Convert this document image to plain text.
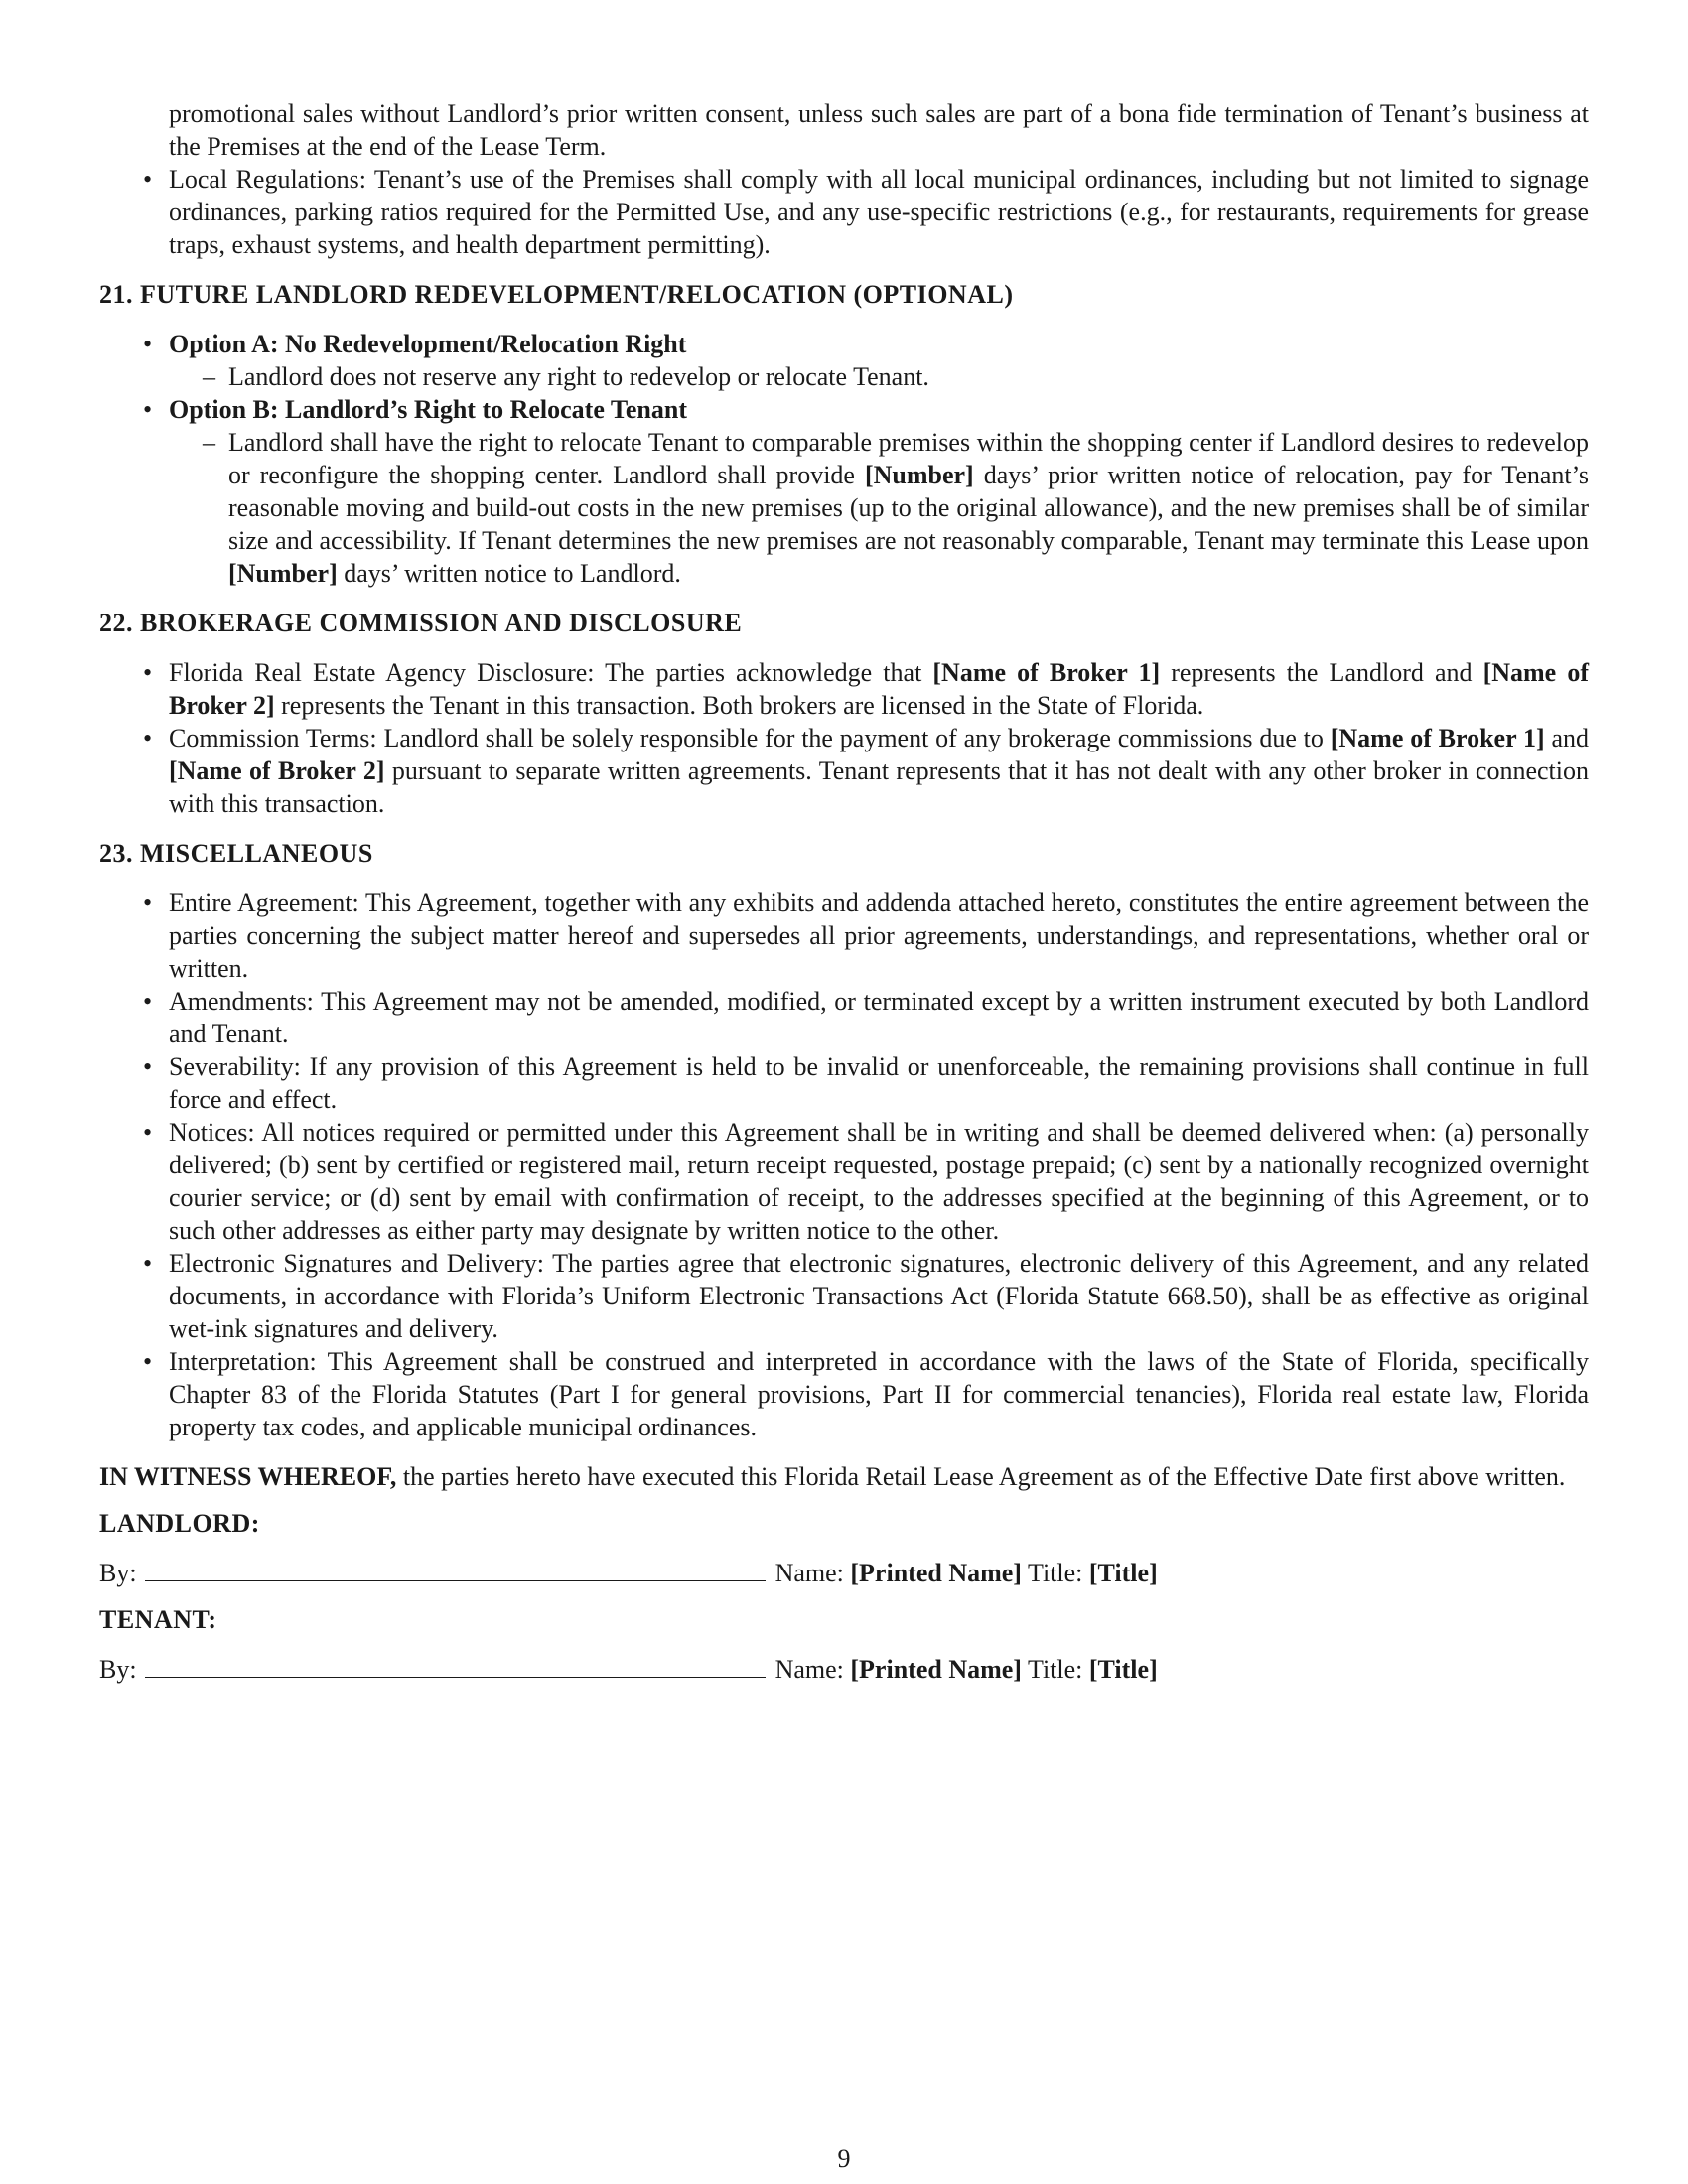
promotional sales without Landlord’s prior written consent, unless such sales are part of a bona fide termination of Tenant’s business at the Premises at the end of the Lease Term.

• Local Regulations: Tenant’s use of the Premises shall comply with all local municipal ordinances, including but not limited to signage ordinances, parking ratios required for the Permitted Use, and any use-specific restrictions (e.g., for restaurants, requirements for grease traps, exhaust systems, and health department permitting).
21. FUTURE LANDLORD REDEVELOPMENT/RELOCATION (OPTIONAL)
• Option A: No Redevelopment/Relocation Right
– Landlord does not reserve any right to redevelop or relocate Tenant.
• Option B: Landlord’s Right to Relocate Tenant
– Landlord shall have the right to relocate Tenant to comparable premises within the shopping center if Landlord desires to redevelop or reconfigure the shopping center. Landlord shall provide [Number] days’ prior written notice of relocation, pay for Tenant’s reasonable moving and build-out costs in the new premises (up to the original allowance), and the new premises shall be of similar size and accessibility. If Tenant determines the new premises are not reasonably comparable, Tenant may terminate this Lease upon [Number] days’ written notice to Landlord.
22. BROKERAGE COMMISSION AND DISCLOSURE
• Florida Real Estate Agency Disclosure: The parties acknowledge that [Name of Broker 1] represents the Landlord and [Name of Broker 2] represents the Tenant in this transaction. Both brokers are licensed in the State of Florida.
• Commission Terms: Landlord shall be solely responsible for the payment of any brokerage commissions due to [Name of Broker 1] and [Name of Broker 2] pursuant to separate written agreements. Tenant represents that it has not dealt with any other broker in connection with this transaction.
23. MISCELLANEOUS
• Entire Agreement: This Agreement, together with any exhibits and addenda attached hereto, constitutes the entire agreement between the parties concerning the subject matter hereof and supersedes all prior agreements, understandings, and representations, whether oral or written.
• Amendments: This Agreement may not be amended, modified, or terminated except by a written instrument executed by both Landlord and Tenant.
• Severability: If any provision of this Agreement is held to be invalid or unenforceable, the remaining provisions shall continue in full force and effect.
• Notices: All notices required or permitted under this Agreement shall be in writing and shall be deemed delivered when: (a) personally delivered; (b) sent by certified or registered mail, return receipt requested, postage prepaid; (c) sent by a nationally recognized overnight courier service; or (d) sent by email with confirmation of receipt, to the addresses specified at the beginning of this Agreement, or to such other addresses as either party may designate by written notice to the other.
• Electronic Signatures and Delivery: The parties agree that electronic signatures, electronic delivery of this Agreement, and any related documents, in accordance with Florida’s Uniform Electronic Transactions Act (Florida Statute 668.50), shall be as effective as original wet-ink signatures and delivery.
• Interpretation: This Agreement shall be construed and interpreted in accordance with the laws of the State of Florida, specifically Chapter 83 of the Florida Statutes (Part I for general provisions, Part II for commercial tenancies), Florida real estate law, Florida property tax codes, and applicable municipal ordinances.

IN WITNESS WHEREOF, the parties hereto have executed this Florida Retail Lease Agreement as of the Effective Date first above written.

LANDLORD:
By:	Name: [Printed Name] Title: [Title]
TENANT:
By:	Name: [Printed Name] Title: [Title]
9
